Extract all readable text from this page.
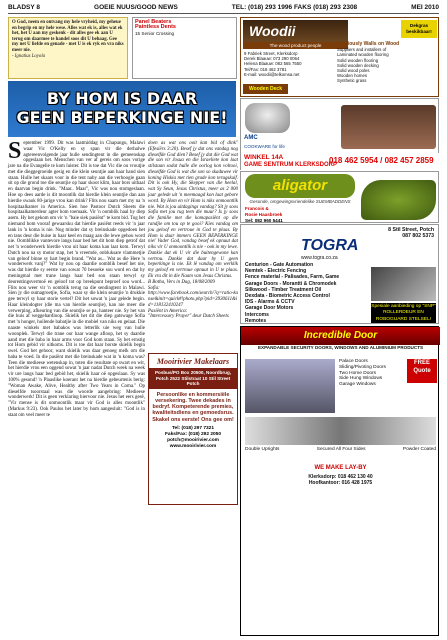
BLADSY 8	GOEIE NUUS/GOOD NEWS	TEL: (018) 293 1996 FAKS (018) 293 2308	MEI 2010
O God, neem en ontvang my hele vryheid, my geheue en begrip en my hele wese. Alles wat ek is, alles wat ek het, het U aan my geskenk - dit alles gee ek aan U terug om daarmee te handel soos dit U behaag. Gee my net U liefde en genade - met U is ek ryk en vra niks meer nie.
- Ignatius Loyola
Panel Beaters
Paintless Dents
15 Senior Crossing	Woodii
The wood product people
Dekgras beskikbaar!
9 Fabriek Street, Klerksdorp
Derek Blaauw: 073 290 0064
Helena Blaauw: 082 565 7550
Tel/Fax: 018 462 3781
E-mail: woodii@telkomsa.net
Previously Walls on Wood
Suppliers and installers of
Laminated wooden flooring
Solid wooden flooring
Solid wooden decking
Solid wood poles
Wooden homes
Synthetic grass
Wooden Deck
BY HOM IS DAAR
GEEN BEPERKINGE NIE!
S eptember 1999. Dit was laatmiddag in Chapungu, Malawi waar Vic O'Kelly en sy span vir die derhalwe agtereenvolgende jaar hulle sendingtent in die gemeenskap opgeslaan het. Menschen van ver af gereis om soos vorige jare na die Evangelie te kom luister. Dit is toe dat Vic die ou vroutjie met die dieggegroeide gesig en die klein seuntjie aan haar hand sien staan. Hulle het skaars voor in die tent naby aan die verhoogie gaan sit op die grond toe die seuntjie op haar skoot klim, haar bors uithaal en daarvan begin drink. "Maar.. Maar", Vic was nou stomgeslaan. Hoe op dees aarde is dit moontlik dat hierdie klein seuntjie dan aan hierdie swaok 80-jarige vrou kan drink? Flits nou saam met my na 'n hospitaalkamer in America. Sien hoe Pastoor Dutch Sheets die hospitaalkamerdeur agter hom toemaak. Vir 'n oomblik haal hy diep asem. Hy het gekom om vir 'n "baie siek pasiënt" te kom bid. Tog het niemand hom vooraf gewaarsku dat hierdie pasiënt reeds vir 'n jaar lank in 'n koma is nie. Nog minder dat sy breinskade opgedoen het en tans deur die buise in haar keel en maag aan die lewe gehou word nie. Oomblikke vantevore langs haar bed het dit hom diep getrof dat net 'n wonderwerk hierdie vrou uit haar koma kan laat kom. Terwyl Dutch nou na sy motor stap, het 'n vreemde, onbluksare vlammetjie van geloof binne sy hart begin brand. "Wat as... Wat as die Here 'n wonderwerk vanj?" Wat hy nou op daardie oomblik besef het nie, was dat hierdie sy eerste van sowat 70 besoeke sou word en dat hy meningmal met trane langs haar bed sou staan terwyl sy deurentingsvermoë en geloof tot op breekpunt beproef sou word... Flits nou weer vir 'n oomblik terug na die sendingtent in Malawi. Sien jy die oumagroetjie, Sofia, waar sy die klein seuntjie 'n drukkie gee terwyl sy haar storie vertel? Dit het sowat 'n jaar gelede begin. Haar kleindogter (die ma van hierdie seuntjie), kan nie meer die verwerping, afkeuring van die seuntjie se pa, hanteer nie. Sy het van die huis af weggehardloop. Skielik het dit die diep gatswage Sofia met 'n honger, huilende babatjie in die mobiel van niks en gelaat. Die naaste winkels met babakos was letterlik uie weg van hulle woonplek. Terwyl die trane oor haar wange afloop, het sy daardie aand met die baba in haar arms voor God kom staan. Sy het ernstig tot Hom gebid vir uitkoms. Dit is toe dat haar borste skielik begin swel. God het gehoor, want skielik was daar genoeg melk om die baba te voed. In die pasiënt met die breinskade wat in 'n koma was? Teen die medieese wetenskap in, toten die resultate op swart en wit, het hierdie vrou een oggend sowat 'n jaar nadat Dutch week na week vir ure langs haar bed gebid het, skielik haar oë opgeslaan. Sy was 100% gesond! 'n Plaaslike koerant het na hierdie gebeurtenis berig: "Woman Awake, Alive, Healthy after Two Years in Coma." Op dieselfde tsoorstaal was die woorde aangebring: Medieese wonderwerk! Dit is geen verklaring hiervoor nie. Jesus het eers gesê, "Vir mense is dit onmoontlik maar vir God is alles moontlik" (Markus 9:23). Ook Paulus het later by hom aangesluit: "God is in staat om veel meer te
doen as wat ons ooit kan bid of dink" (Efesiërs 3:20). Besef jy dat ons vandag nog dieselfde God dien? Besef jy dat die God wat die son vir Josua en die Israeliete kon laat stilstaan sodat hulle die oorlog kon voltooi, dieselfde God is wat die son so skaduwee vir koning Hiskia met tien grade kon terugskuif. Dit is ook Hy, die Skepper van die heelal, wat Sy Seun, Jesus Christus, meer as 2 000 jaar gelede uit 'n meemaagd kon laat gebore word. By Hom en vir Hom is niks onmoontlik nie. Wat is jou uitdagings vandag? Sit jy soos Sofia met jou rug teen die muur? Is jy soos die familie met die komapasiënt op die randjie om tou op te gooi? Kies vandag om jou geloof en vertroue in God te plaas. By Hom is daar immers GEEN BEPERKINGE nie! Vader God, vandag besef ek opnuut dat niks vir U onmoontlik is nie - ook in my lewe. Dankie dat ek U vir die buitengewone kan vertrou. Dankie dat daar by U geen beperkinge is nie. Ek lê vandag om werklik my geloof en vertroue opnuut in U te plaas. Ek vra dit in die Naam van Jesus Christus.
B Botha, Vers in Dag, 18/08/2009
Sofia:
http://www.facebook.com/search/?q=ratio-kanse&init=quick#!photo.php?pid=3930611&id=118132410247
Pasiënt in America:
"Intercessory Prayer" deur Dutch Sheets
AMC
COOKWARE for life
WINKEL 14A
GAME SENTRUM KLERKSDORP
018 462 5954 / 082 457 2859
aligator
Gesonde, omgewingsvriendelike SUEMBADDENS
Francois &
Rosie Haasbroek
Sel: 082 960 5441
8 Stil Street, Potch
087 802 5373
TOGRA
www.togra.co.za
Centurion - Gate Automation
Nemtek - Electric Fencing
Fence material - Palisades, Farm, Game
Garage Doors - Morantti & Chromodek
Silkwood - Timber Treatment Oil
Dexdata - Biometric Access Control
IDS - Alarms & CCTV
Garage Door Motors
Intercoms
Remotes
Spesiale aanbieding op "SNP" ROLLERDEUR EN ROBOGUARD STELSEL!
Mooirivier Makelaars
Posbus/PO Box 20500, Noordbrug, Potch 2522 Stilstraat 10 Stil Street Potch
Persoonlike en kommersiële versekering. Twee dekades in bedryf. Kompeterende premies, kwaliteitsdiens en gemoedsrus. Skakel ons eerste! Ons gee om!
Tel: (018) 297 7321
Faks/Fax: (018) 292 2050
potch@mooirivier.com
www.mooirivier.com
Incredible Door
EXPANDABLE SECURITY DOORS, WINDOWS AND ALUMINIUM PRODUCTS
Palace Doors
Sliding/Pivoting Doors
Two Home Doors
Side Hung Windows
Garage Windows
FREE Quote
Double Uprights	Secured All Four Sides	Powder Coated
WE MAKE LAY-BY
Klerksdorp: 018 462 130 40
Hoofkantoor: 016 428 1975
